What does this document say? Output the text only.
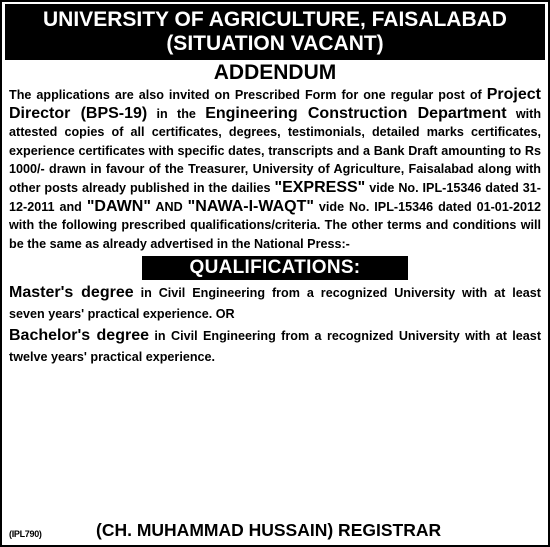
UNIVERSITY OF AGRICULTURE, FAISALABAD
(SITUATION VACANT)
ADDENDUM

The applications are also invited on Prescribed Form for one regular post of Project Director (BPS-19) in the Engineering Construction Department with attested copies of all certificates, degrees, testimonials, detailed marks certificates, experience certificates with specific dates, transcripts and a Bank Draft amounting to Rs 1000/- drawn in favour of the Treasurer, University of Agriculture, Faisalabad along with other posts already published in the dailies "EXPRESS" vide No. IPL-15346 dated 31-12-2011 and "DAWN" AND "NAWA-I-WAQT" vide No. IPL-15346 dated 01-01-2012 with the following prescribed qualifications/criteria. The other terms and conditions will be the same as already advertised in the National Press:-

QUALIFICATIONS:
Master's degree in Civil Engineering from a recognized University with at least seven years' practical experience. OR
Bachelor's degree in Civil Engineering from a recognized University with at least twelve years' practical experience.
(IPL790)	(CH. MUHAMMAD HUSSAIN) REGISTRAR
